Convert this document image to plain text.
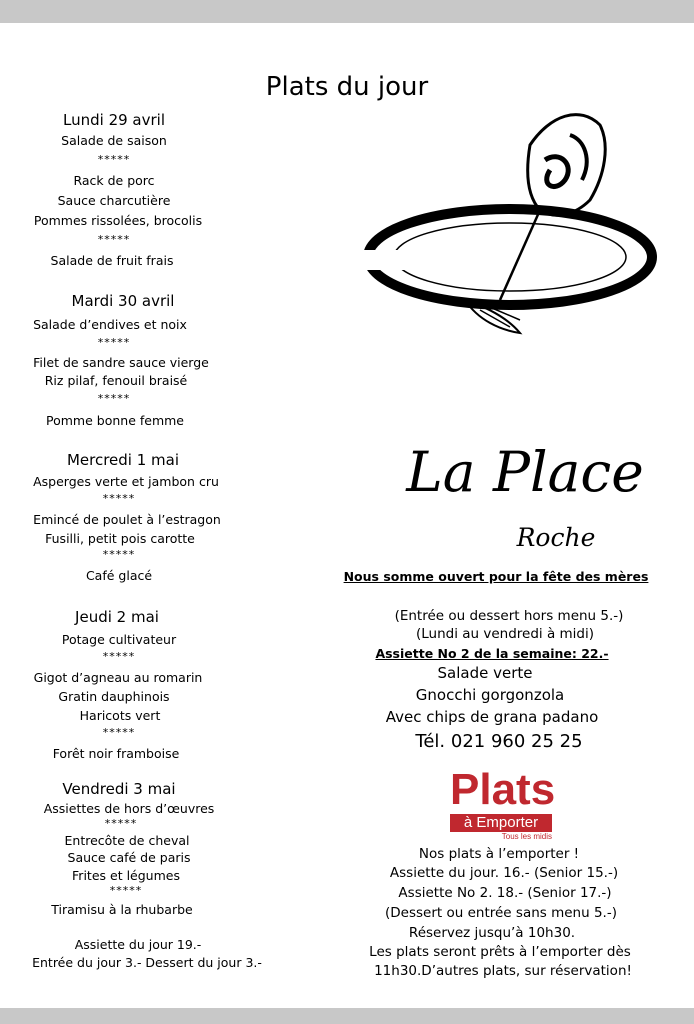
Plats du jour
Lundi 29 avril
Salade de saison
*****
Rack de porc
Sauce charcutière
Pommes rissolées, brocolis
*****
Salade de fruit frais
Mardi 30 avril
Salade d’endives et noix
*****
Filet de sandre sauce vierge
Riz pilaf, fenouil braisé
*****
Pomme bonne femme
Mercredi 1 mai
Asperges verte et jambon cru
*****
Emincé de poulet à l’estragon
Fusilli, petit pois carotte
*****
Café glacé
Jeudi 2 mai
Potage cultivateur
*****
Gigot d’agneau au romarin
Gratin dauphinois
Haricots vert
*****
Forêt noir framboise
Vendredi 3 mai
Assiettes de hors d’œuvres
*****
Entrecôte de cheval
Sauce café de paris
Frites et légumes
*****
Tiramisu à la rhubarbe
Assiette du jour 19.-
Entrée du jour 3.- Dessert du jour 3.-
La Place
Roche
Nous somme ouvert pour la fête des mères
(Entrée ou dessert hors menu 5.-)
(Lundi au vendredi à midi)
Assiette No 2 de la semaine: 22.-
Salade verte
Gnocchi gorgonzola
Avec chips de grana padano
Tél. 021 960 25 25
Plats
à Emporter
Tous les midis
Nos plats à l’emporter !
Assiette du jour. 16.- (Senior 15.-)
Assiette No 2. 18.- (Senior 17.-)
(Dessert ou entrée sans menu 5.-)
Réservez jusqu’à 10h30.
Les plats seront prêts à l’emporter dès
11h30.D’autres plats, sur réservation!
